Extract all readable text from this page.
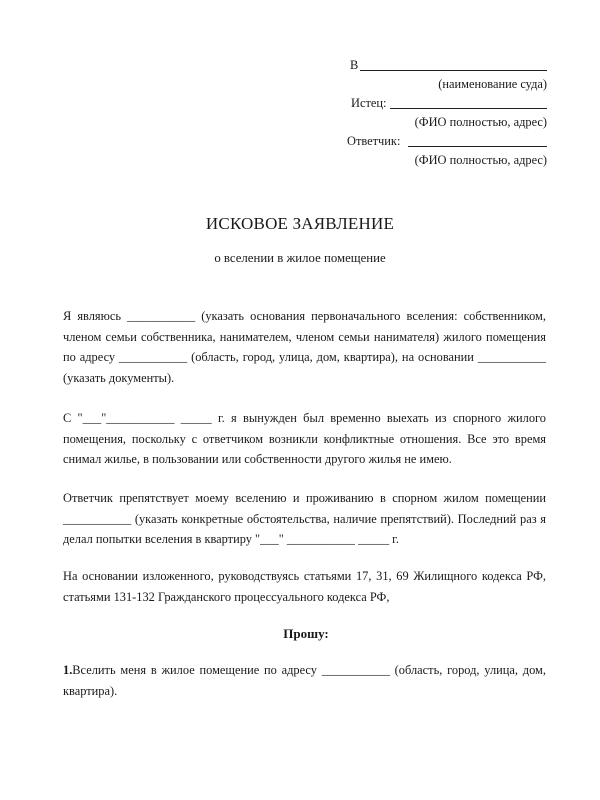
В
(наименование суда)
Истец:
(ФИО полностью, адрес)
Ответчик:
(ФИО полностью, адрес)
ИСКОВОЕ ЗАЯВЛЕНИЕ
о вселении в жилое помещение

Я являюсь ___________ (указать основания первоначального вселения: собственником, членом семьи собственника, нанимателем, членом семьи нанимателя) жилого помещения по адресу ___________ (область, город, улица, дом, квартира), на основании ___________ (указать документы).

С "___"___________ _____ г. я вынужден был временно выехать из спорного жилого помещения, поскольку с ответчиком возникли конфликтные отношения. Все это время снимал жилье, в пользовании или собственности другого жилья не имею.

Ответчик препятствует моему вселению и проживанию в спорном жилом помещении ___________ (указать конкретные обстоятельства, наличие препятствий). Последний раз я делал попытки вселения в квартиру "___" ___________ _____ г.

На основании изложенного, руководствуясь статьями 17, 31, 69 Жилищного кодекса РФ, статьями 131-132 Гражданского процессуального кодекса РФ,

Прошу:

1.Вселить меня в жилое помещение по адресу ___________ (область, город, улица, дом, квартира).
